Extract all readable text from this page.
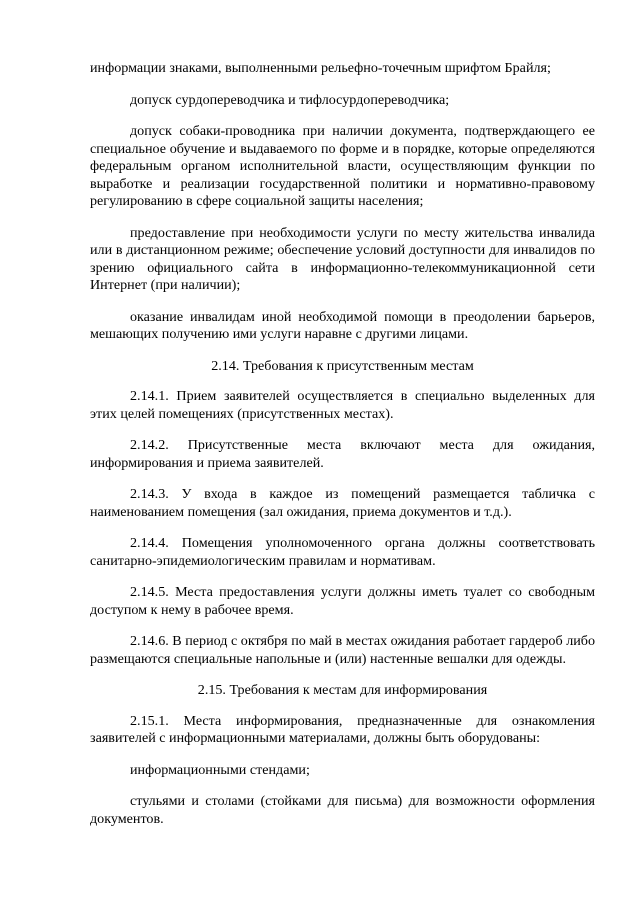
информации знаками, выполненными рельефно-точечным шрифтом Брайля;

допуск сурдопереводчика и тифлосурдопереводчика;

допуск собаки-проводника при наличии документа, подтверждающего ее специальное обучение и выдаваемого по форме и в порядке, которые определяются федеральным органом исполнительной власти, осуществляющим функции по выработке и реализации государственной политики и нормативно-правовому регулированию в сфере социальной защиты населения;

предоставление при необходимости услуги по месту жительства инвалида или в дистанционном режиме; обеспечение условий доступности для инвалидов по зрению официального сайта в информационно-телекоммуникационной сети Интернет (при наличии);

оказание инвалидам иной необходимой помощи в преодолении барьеров, мешающих получению ими услуги наравне с другими лицами.

2.14. Требования к присутственным местам

2.14.1. Прием заявителей осуществляется в специально выделенных для этих целей помещениях (присутственных местах).

2.14.2. Присутственные места включают места для ожидания, информирования и приема заявителей.

2.14.3. У входа в каждое из помещений размещается табличка с наименованием помещения (зал ожидания, приема документов и т.д.).

2.14.4. Помещения уполномоченного органа должны соответствовать санитарно-эпидемиологическим правилам и нормативам.

2.14.5. Места предоставления услуги должны иметь туалет со свободным доступом к нему в рабочее время.

2.14.6. В период с октября по май в местах ожидания работает гардероб либо размещаются специальные напольные и (или) настенные вешалки для одежды.

2.15. Требования к местам для информирования

2.15.1. Места информирования, предназначенные для ознакомления заявителей с информационными материалами, должны быть оборудованы:

информационными стендами;

стульями и столами (стойками для письма) для возможности оформления документов.
